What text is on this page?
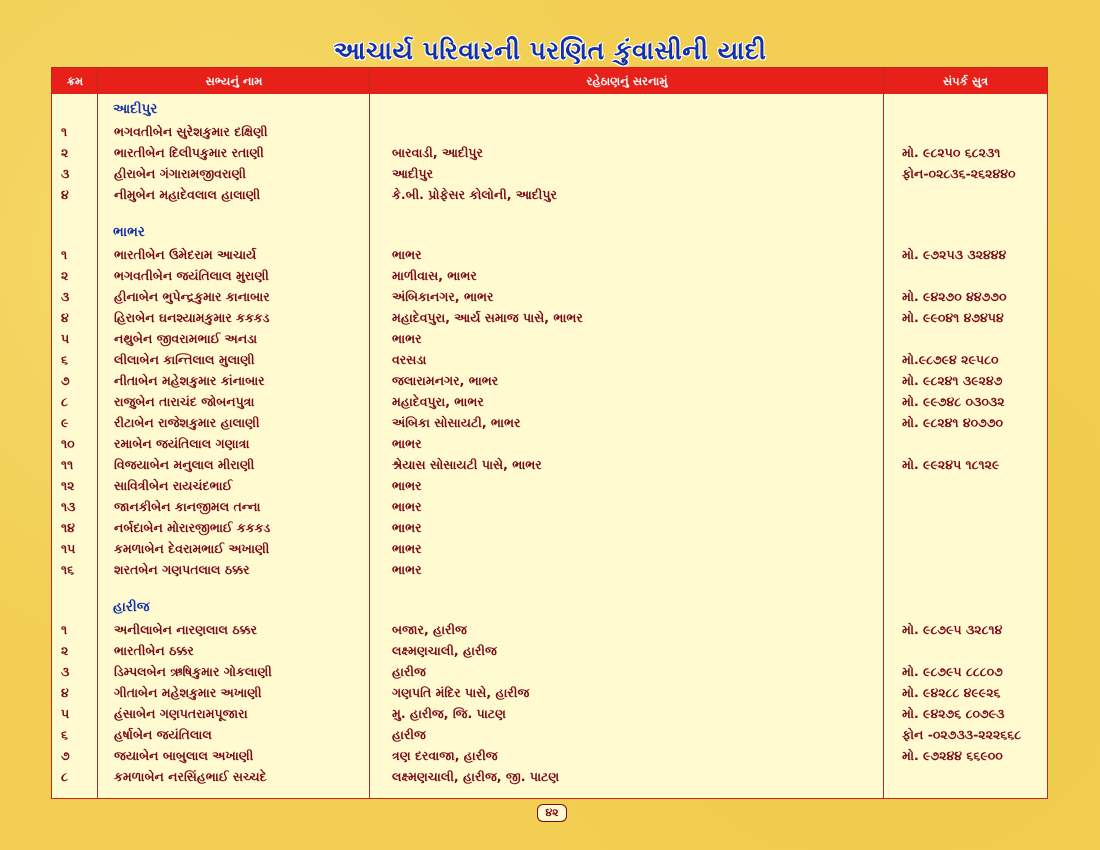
આચાર્ય પરિવારની પરણિત કુંવાસીની યાદી
ક્રમ	સભ્યનું નામ	રહેઠાણનું સરનામું	સંપર્ક સુત્ર
આદીપુર
૧	ભગવતીબેન સુરેશકુમાર દક્ષિણી
૨	ભારતીબેન દિલીપકુમાર રતાણી	બારવાડી, આદીપુર	મો. ૯૮૨૫૦ ૬૮૨૩૧
૩	હીરાબેન ગંગારામજીવરાણી	આદીપુર	ફોન-૦૨૮૩૬-૨૬૨૪૪૦
૪	નીમુબેન મહાદેવલાલ હાલાણી	કે.બી. પ્રોફેસર કોલોની, આદીપુર
ભાભર
૧	ભારતીબેન ઉમેદરામ આચાર્ય	ભાભર	મો. ૯૭૨૫૩ ૩૨૪૪૪
૨	ભગવતીબેન જયંતિલાલ મુરાણી	માળીવાસ, ભાભર
૩	હીનાબેન ભુપેન્દ્રકુમાર કાનાબાર	અંબિકાનગર, ભાભર	મો. ૯૪૨૭૦ ૪૪૭૭૦
૪	હિરાબેન ઘનશ્યામકુમાર કકકડ	મહાદેવપુરા, આર્ય સમાજ પાસે, ભાભર	મો. ૯૯૦૪૧ ૪૭૪૫૪
૫	નથુબેન જીવરામભાઈ અનડા	ભાભર
૬	લીલાબેન કાન્તિલાલ મુલાણી	વરસડા	મો.૯૮૭૯૪ ૨૯૫૮૦
૭	નીતાબેન મહેશકુમાર કાંનાબાર	જલારામનગર, ભાભર	મો. ૯૮૨૪૧ ૩૯૨૪૭
૮	રાજુબેન તારાચંદ જોબનપુત્રા	મહાદેવપુરા, ભાભર	મો. ૯૯૭૪૮ ૦૩૦૩૨
૯	રીટાબેન રાજેશકુમાર હાલાણી	અંબિકા સોસાયટી, ભાભર	મો. ૯૮૨૪૧ ૪૦૭૭૦
૧૦	રમાબેન જયંતિલાલ ગણાત્રા	ભાભર
૧૧	વિજયાબેન મનુલાલ મીરાણી	શ્રેયાસ સોસાયટી પાસે, ભાભર	મો. ૯૯૨૪૫ ૧૮૧૨૯
૧૨	સાવિત્રીબેન રાયચંદભાઈ	ભાભર
૧૩	જાનકીબેન કાનજીમલ તન્ના	ભાભર
૧૪	નર્બદાબેન મોરારજીભાઈ કકકડ	ભાભર
૧૫	કમળાબેન દેવરામભાઈ અખાણી	ભાભર
૧૬	શરતબેન ગણપતલાલ ઠક્કર	ભાભર
હારીજ
૧	અનીલાબેન નારણલાલ ઠક્કર	બજાર, હારીજ	મો. ૯૮૭૯૫ ૩૨૮૧૪
૨	ભારતીબેન ઠક્કર	લક્ષ્મણચાલી, હારીજ
૩	ડિમ્પલબેન ઋષિકુમાર ગોકલાણી	હારીજ	મો. ૯૮૭૯૫ ૮૮૮૦૭
૪	ગીતાબેન મહેશકુમાર અખાણી	ગણપતિ મંદિર પાસે, હારીજ	મો. ૯૪૨૮૮ ૪૯૯૨૬
૫	હંસાબેન ગણપતરામપૂજારા	મુ. હારીજ, જિ. પાટણ	મો. ૯૪૨૭૬ ૮૦૭૯૩
૬	હર્ષાબેન જયંતિલાલ	હારીજ	ફોન -૦૨૭૩૩-૨૨૨૬૬૮
૭	જયાબેન બાબુલાલ અખાણી	ત્રણ દરવાજા, હારીજ	મો. ૯૭૨૪૪ ૬૬૯૦૦
૮	કમળાબેન નરસિંહભાઈ સચ્ચદે	લક્ષ્મણચાલી, હારીજ, જી. પાટણ
૪૨
